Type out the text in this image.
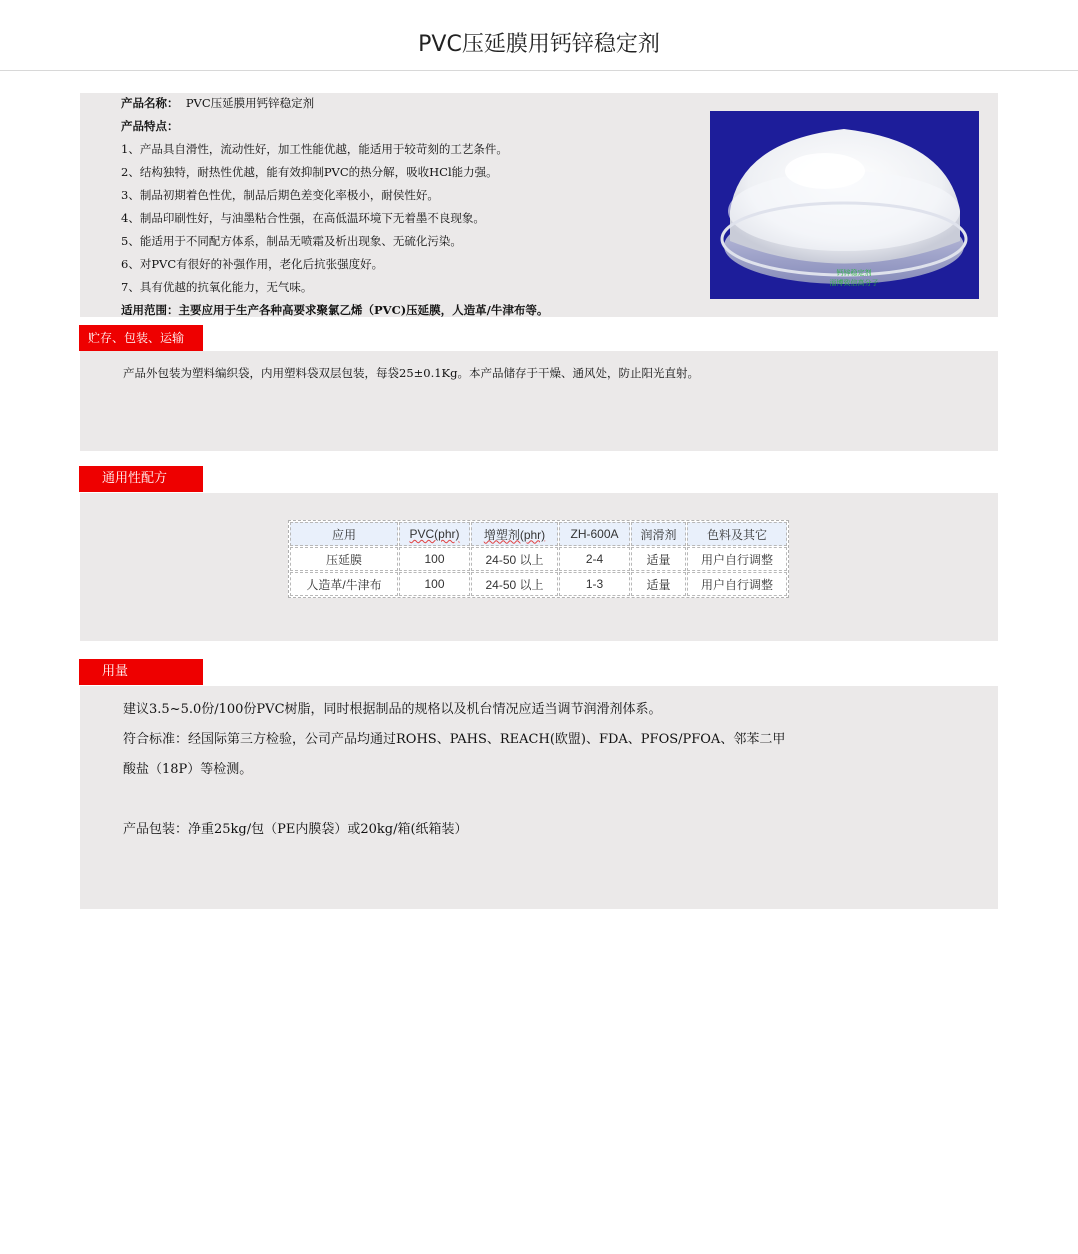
PVC压延膜用钙锌稳定剂
产品名称： PVC压延膜用钙锌稳定剂
产品特点：
1、产品具自滑性，流动性好，加工性能优越，能适用于较苛刻的工艺条件。
2、结构独特，耐热性优越，能有效抑制PVC的热分解，吸收HCl能力强。
3、制品初期着色性优，制品后期色差变化率极小，耐侯性好。
4、制品印刷性好，与油墨粘合性强，在高低温环境下无着墨不良现象。
5、能适用于不同配方体系，制品无喷霜及析出现象、无硫化污染。
6、对PVC有很好的补强作用，老化后抗张强度好。
7、具有优越的抗氧化能力，无气味。
适用范围：主要应用于生产各种高要求聚氯乙烯（PVC)压延膜，人造革/牛津布等。
钙锌稳定剂
淄博致信高分子
贮存、包装、运输
产品外包装为塑料编织袋，内用塑料袋双层包装，每袋25±0.1Kg。本产品储存于干燥、通风处，防止阳光直射。
通用性配方
应用	PVC(phr)	增塑剂(phr)	ZH-600A	润滑剂	色料及其它
压延膜	100	24-50 以上	2-4	适量	用户自行调整
人造革/牛津布	100	24-50 以上	1-3	适量	用户自行调整
用量
建议3.5~5.0份/100份PVC树脂，同时根据制品的规格以及机台情况应适当调节润滑剂体系。
符合标准：经国际第三方检验，公司产品均通过ROHS、PAHS、REACH(欧盟)、FDA、PFOS/PFOA、邻苯二甲
酸盐（18P）等检测。
产品包装：净重25kg/包（PE内膜袋）或20kg/箱(纸箱装）
